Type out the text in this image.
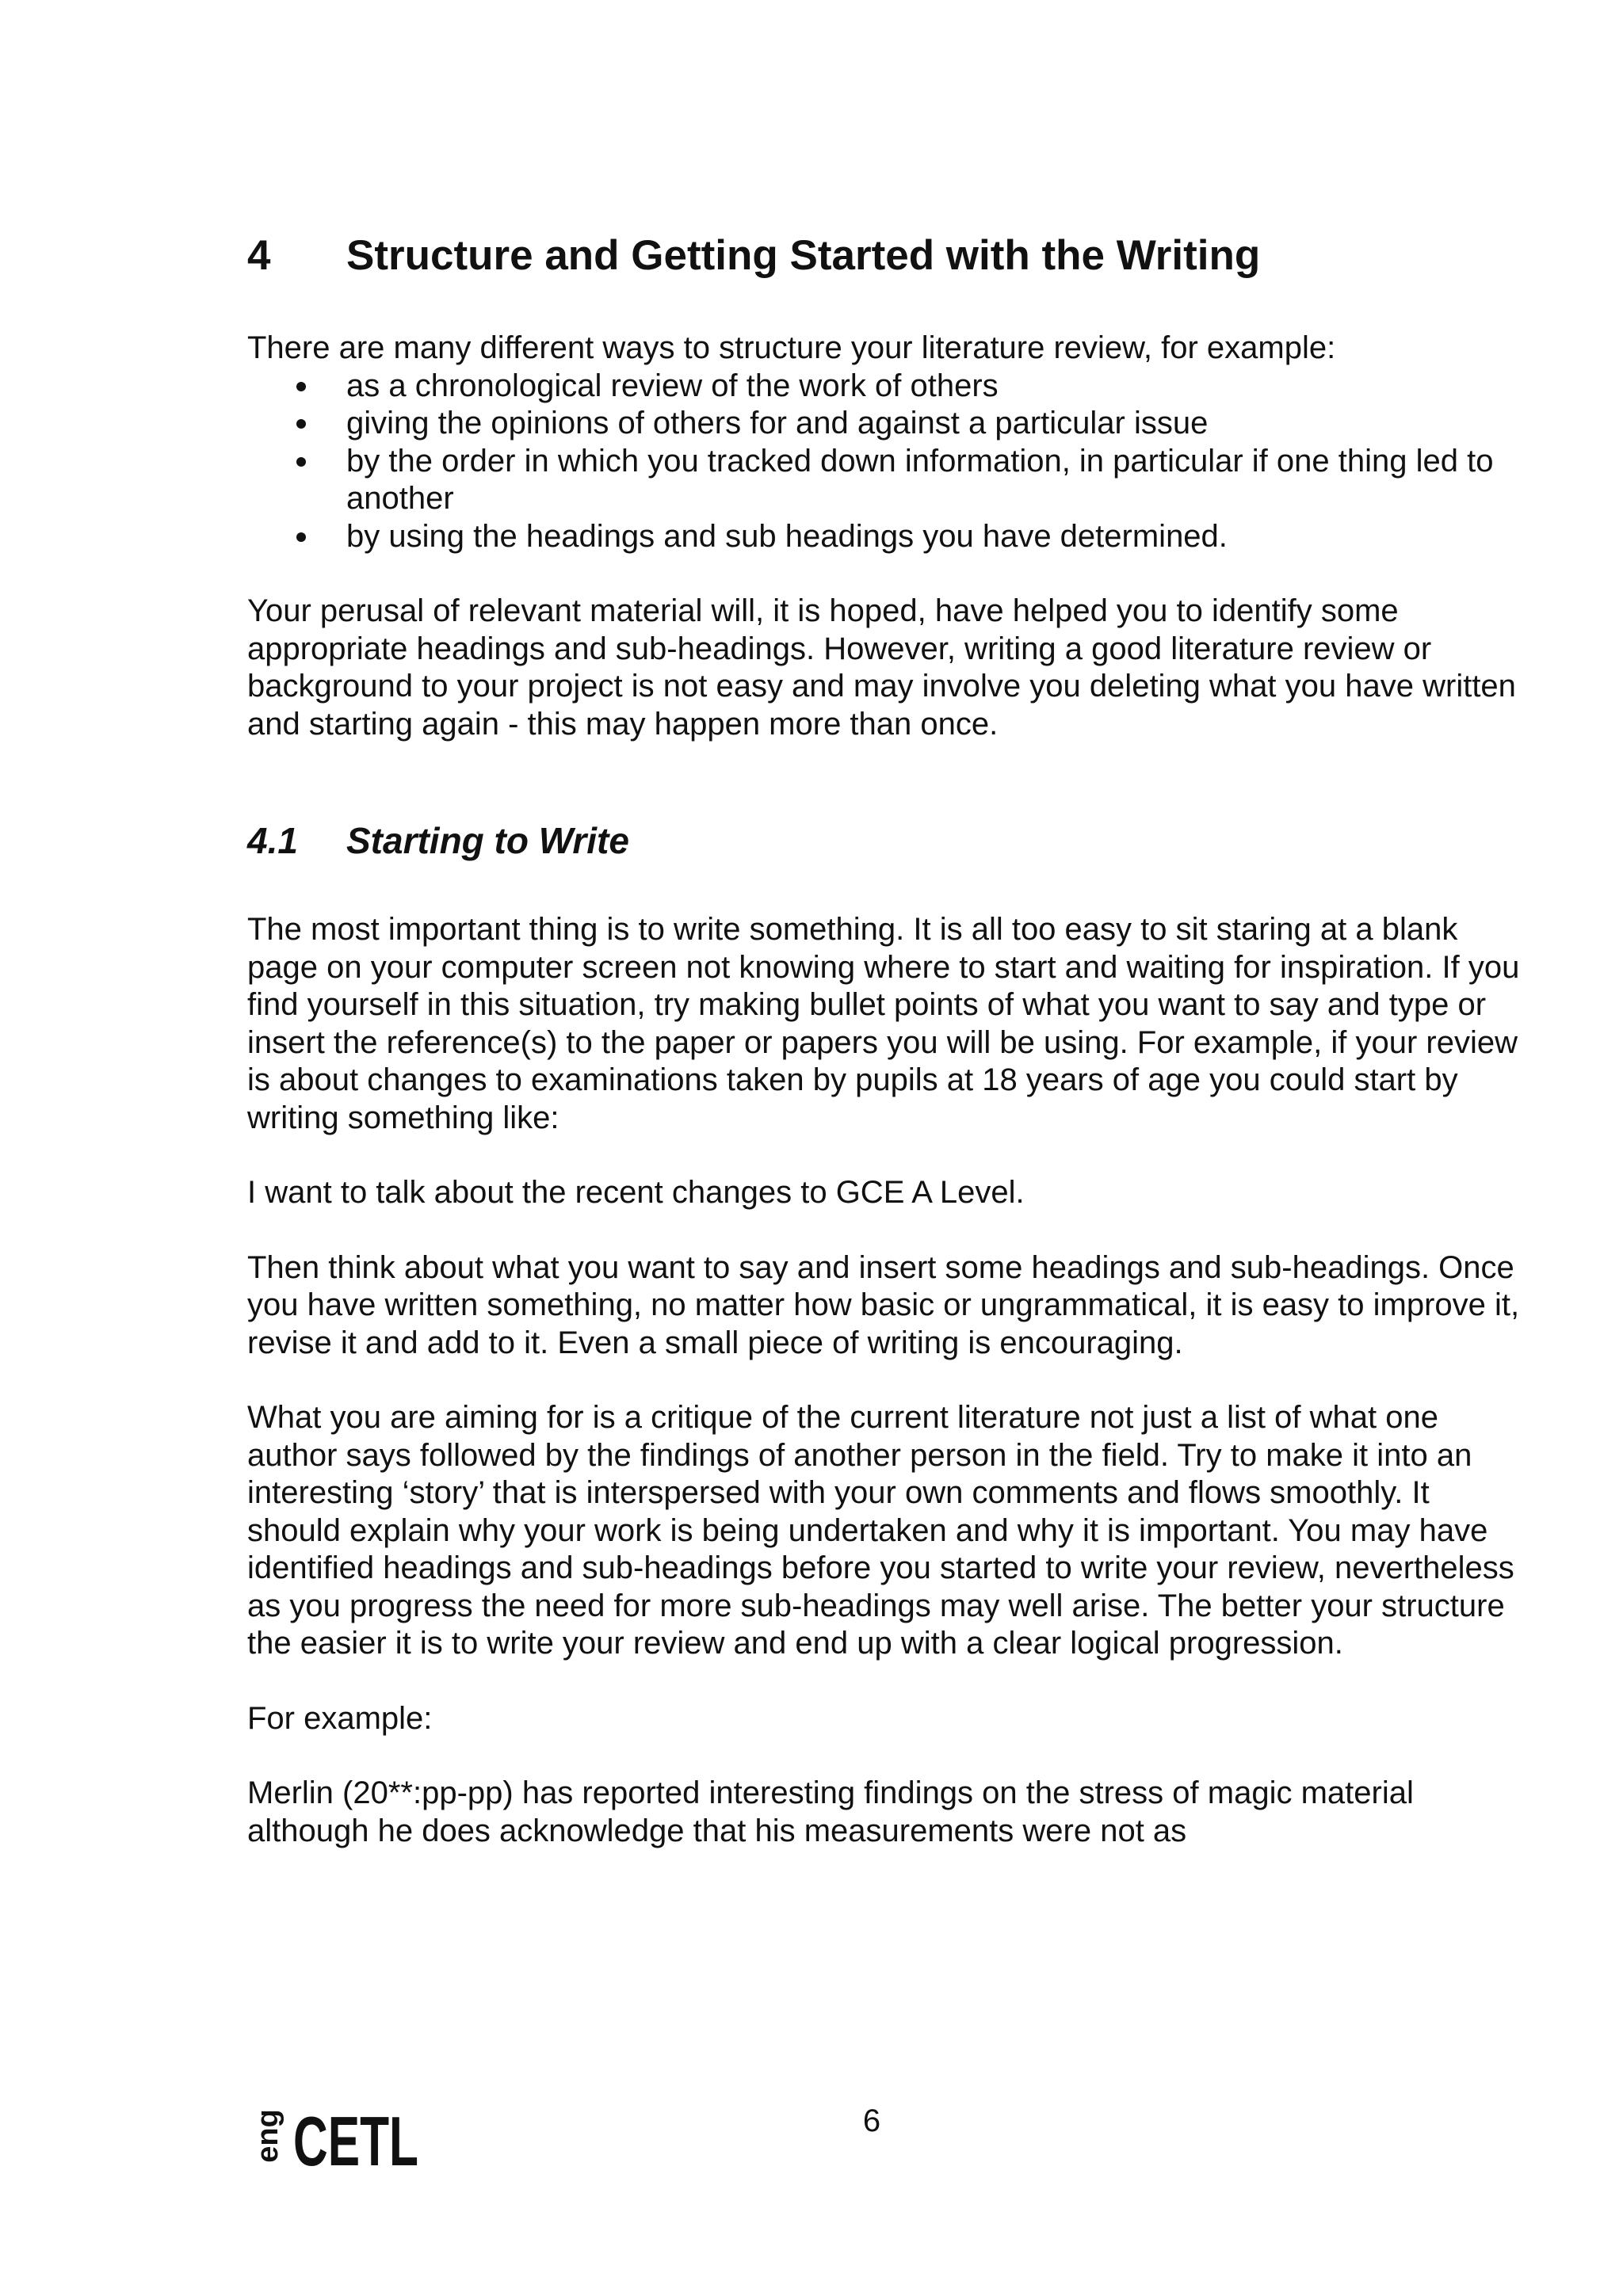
4	Structure and Getting Started with the Writing

There are many different ways to structure your literature review, for example:

as a chronological review of the work of others
giving the opinions of others for and against a particular issue
by the order in which you tracked down information, in particular if one thing led to another
by using the headings and sub headings you have determined.

Your perusal of relevant material will, it is hoped, have helped you to identify some appropriate headings and sub-headings. However, writing a good literature review or background to your project is not easy and may involve you deleting what you have written and starting again - this may happen more than once.

4.1	Starting to Write

The most important thing is to write something. It is all too easy to sit staring at a blank page on your computer screen not knowing where to start and waiting for inspiration. If you find yourself in this situation, try making bullet points of what you want to say and type or insert the reference(s) to the paper or papers you will be using. For example, if your review is about changes to examinations taken by pupils at 18 years of age you could start by writing something like:

I want to talk about the recent changes to GCE A Level.

Then think about what you want to say and insert some headings and sub-headings. Once you have written something, no matter how basic or ungrammatical, it is easy to improve it, revise it and add to it. Even a small piece of writing is encouraging.

What you are aiming for is a critique of the current literature not just a list of what one author says followed by the findings of another person in the field. Try to make it into an interesting ‘story’ that is interspersed with your own comments and flows smoothly. It should explain why your work is being undertaken and why it is important. You may have identified headings and sub-headings before you started to write your review, nevertheless as you progress the need for more sub-headings may well arise. The better your structure the easier it is to write your review and end up with a clear logical progression.

For example:

Merlin (20**:pp-pp) has reported interesting findings on the stress of magic material although he does acknowledge that his measurements were not as

eng CETL	6
